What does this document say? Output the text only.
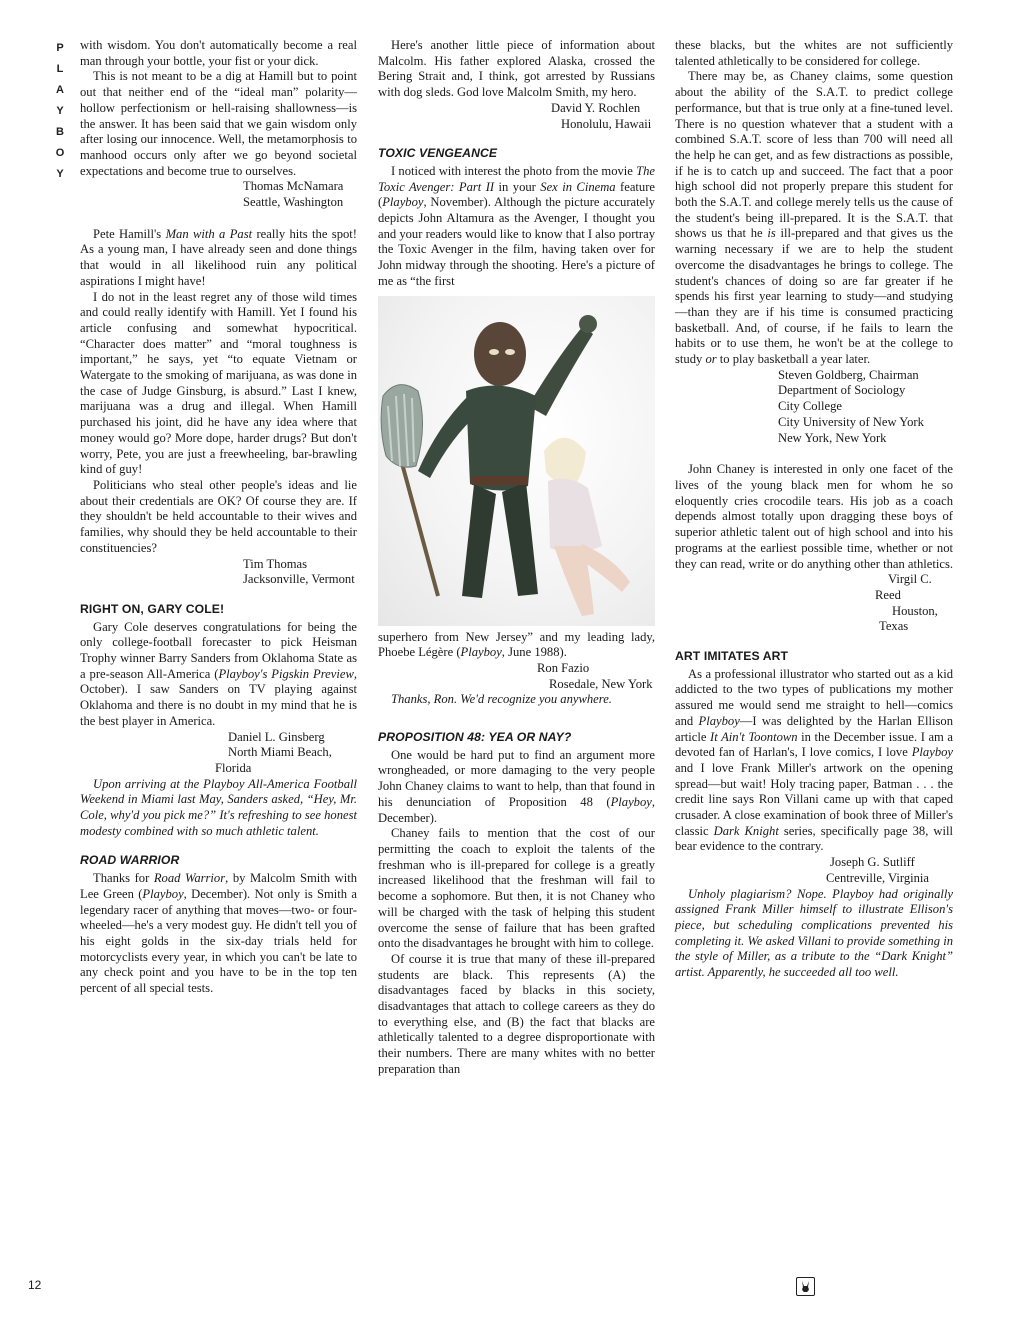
P
L
A
Y
B
O
Y

with wisdom. You don't automatically become a real man through your bottle, your fist or your dick.

This is not meant to be a dig at Hamill but to point out that neither end of the “ideal man” polarity—hollow perfectionism or hell-raising shallowness—is the answer. It has been said that we gain wisdom only after losing our innocence. Well, the metamorphosis to manhood occurs only after we go beyond societal expectations and become true to ourselves.

Thomas McNamara

Seattle, Washington

Pete Hamill's Man with a Past really hits the spot! As a young man, I have already seen and done things that would in all likelihood ruin any political aspirations I might have!

I do not in the least regret any of those wild times and could really identify with Hamill. Yet I found his article confusing and somewhat hypocritical. “Character does matter” and “moral toughness is important,” he says, yet “to equate Vietnam or Watergate to the smoking of marijuana, as was done in the case of Judge Ginsburg, is absurd.” Last I knew, marijuana was a drug and illegal. When Hamill purchased his joint, did he have any idea where that money would go? More dope, harder drugs? But don't worry, Pete, you are just a freewheeling, bar-brawling kind of guy!

Politicians who steal other people's ideas and lie about their credentials are OK? Of course they are. If they shouldn't be held accountable to their wives and families, why should they be held accountable to their constituencies?

Tim Thomas

Jacksonville, Vermont

RIGHT ON, GARY COLE!

Gary Cole deserves congratulations for being the only college-football forecaster to pick Heisman Trophy winner Barry Sanders from Oklahoma State as a pre-season All-America (Playboy's Pigskin Preview, October). I saw Sanders on TV playing against Oklahoma and there is no doubt in my mind that he is the best player in America.

Daniel L. Ginsberg

North Miami Beach, Florida

Upon arriving at the Playboy All-America Football Weekend in Miami last May, Sanders asked, “Hey, Mr. Cole, why'd you pick me?” It's refreshing to see honest modesty combined with so much athletic talent.

ROAD WARRIOR

Thanks for Road Warrior, by Malcolm Smith with Lee Green (Playboy, December). Not only is Smith a legendary racer of anything that moves—two- or four-wheeled—he's a very modest guy. He didn't tell you of his eight golds in the six-day trials held for motorcyclists every year, in which you can't be late to any check point and you have to be in the top ten percent of all special tests.

Here's another little piece of information about Malcolm. His father explored Alaska, crossed the Bering Strait and, I think, got arrested by Russians with dog sleds. God love Malcolm Smith, my hero.

David Y. Rochlen

Honolulu, Hawaii

TOXIC VENGEANCE

I noticed with interest the photo from the movie The Toxic Avenger: Part II in your Sex in Cinema feature (Playboy, November). Although the picture accurately depicts John Altamura as the Avenger, I thought you and your readers would like to know that I also portray the Toxic Avenger in the film, having taken over for John midway through the shooting. Here's a picture of me as “the first

superhero from New Jersey” and my leading lady, Phoebe Légère (Playboy, June 1988).

Ron Fazio

Rosedale, New York

Thanks, Ron. We'd recognize you anywhere.

PROPOSITION 48: YEA OR NAY?

One would be hard put to find an argument more wrongheaded, or more damaging to the very people John Chaney claims to want to help, than that found in his denunciation of Proposition 48 (Playboy, December).

Chaney fails to mention that the cost of our permitting the coach to exploit the talents of the freshman who is ill-prepared for college is a greatly increased likelihood that the freshman will fail to become a sophomore. But then, it is not Chaney who will be charged with the task of helping this student overcome the sense of failure that has been grafted onto the disadvantages he brought with him to college.

Of course it is true that many of these ill-prepared students are black. This represents (A) the disadvantages faced by blacks in this society, disadvantages that attach to college careers as they do to everything else, and (B) the fact that blacks are athletically talented to a degree disproportionate with their numbers. There are many whites with no better preparation than

these blacks, but the whites are not sufficiently talented athletically to be considered for college.

There may be, as Chaney claims, some question about the ability of the S.A.T. to predict college performance, but that is true only at a fine-tuned level. There is no question whatever that a student with a combined S.A.T. score of less than 700 will need all the help he can get, and as few distractions as possible, if he is to catch up and succeed. The fact that a poor high school did not properly prepare this student for both the S.A.T. and college merely tells us the cause of the student's being ill-prepared. It is the S.A.T. that shows us that he is ill-prepared and that gives us the warning necessary if we are to help the student overcome the disadvantages he brings to college. The student's chances of doing so are far greater if he spends his first year learning to study—and studying—than they are if his time is consumed practicing basketball. And, of course, if he fails to learn the habits or to use them, he won't be at the college to study or to play basketball a year later.

Steven Goldberg, Chairman

Department of Sociology

City College

City University of New York

New York, New York

John Chaney is interested in only one facet of the lives of the young black men for whom he so eloquently cries crocodile tears. His job as a coach depends almost totally upon dragging these boys of superior athletic talent out of high school and into his programs at the earliest possible time, whether or not they can read, write or do anything other than athletics.

Virgil C. Reed

Houston, Texas

ART IMITATES ART

As a professional illustrator who started out as a kid addicted to the two types of publications my mother assured me would send me straight to hell—comics and Playboy—I was delighted by the Harlan Ellison article It Ain't Toontown in the December issue. I am a devoted fan of Harlan's, I love comics, I love Playboy and I love Frank Miller's artwork on the opening spread—but wait! Holy tracing paper, Batman . . . the credit line says Ron Villani came up with that caped crusader. A close examination of book three of Miller's classic Dark Knight series, specifically page 38, will bear evidence to the contrary.

Joseph G. Sutliff

Centreville, Virginia

Unholy plagiarism? Nope. Playboy had originally assigned Frank Miller himself to illustrate Ellison's piece, but scheduling complications prevented his completing it. We asked Villani to provide something in the style of Miller, as a tribute to the “Dark Knight” artist. Apparently, he succeeded all too well.

12
